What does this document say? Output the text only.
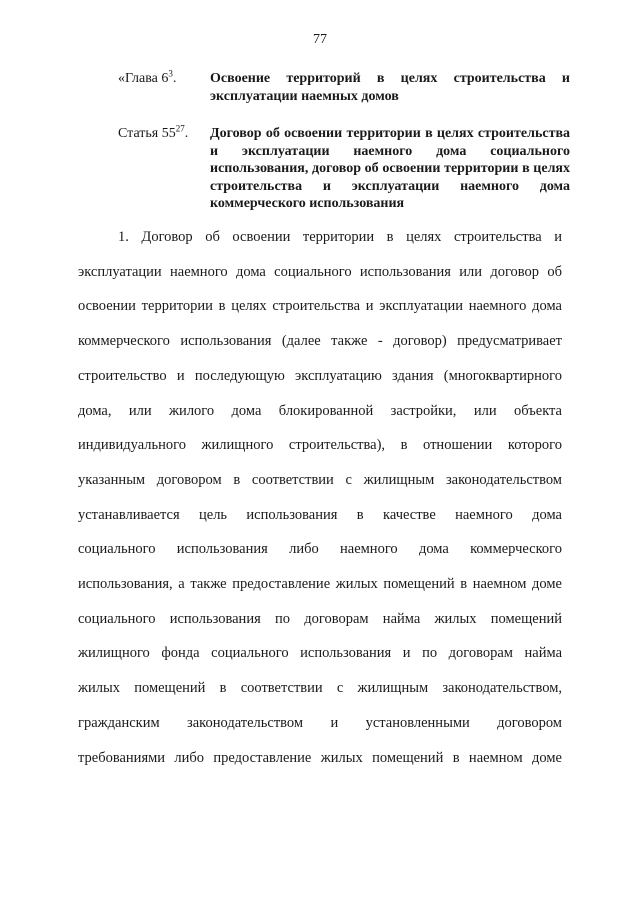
77
«Глава $6^3$.	Освоение территорий в целях строительства и эксплуатации наемных домов
Статья $55^{27}$.	Договор об освоении территории в целях строительства и эксплуатации наемного дома социального использования, договор об освоении территории в целях строительства и эксплуатации наемного дома коммерческого использования
1. Договор об освоении территории в целях строительства и
эксплуатации наемного дома социального использования или договор об
освоении территории в целях строительства и эксплуатации наемного дома
коммерческого использования (далее также - договор) предусматривает
строительство и последующую эксплуатацию здания (многоквартирного
дома, или жилого дома блокированной застройки, или объекта
индивидуального жилищного строительства), в отношении которого
указанным договором в соответствии с жилищным законодательством
устанавливается цель использования в качестве наемного дома
социального использования либо наемного дома коммерческого
использования, а также предоставление жилых помещений в наемном доме
социального использования по договорам найма жилых помещений
жилищного фонда социального использования и по договорам найма
жилых помещений в соответствии с жилищным законодательством,
гражданским законодательством и установленными договором
требованиями либо предоставление жилых помещений в наемном доме
